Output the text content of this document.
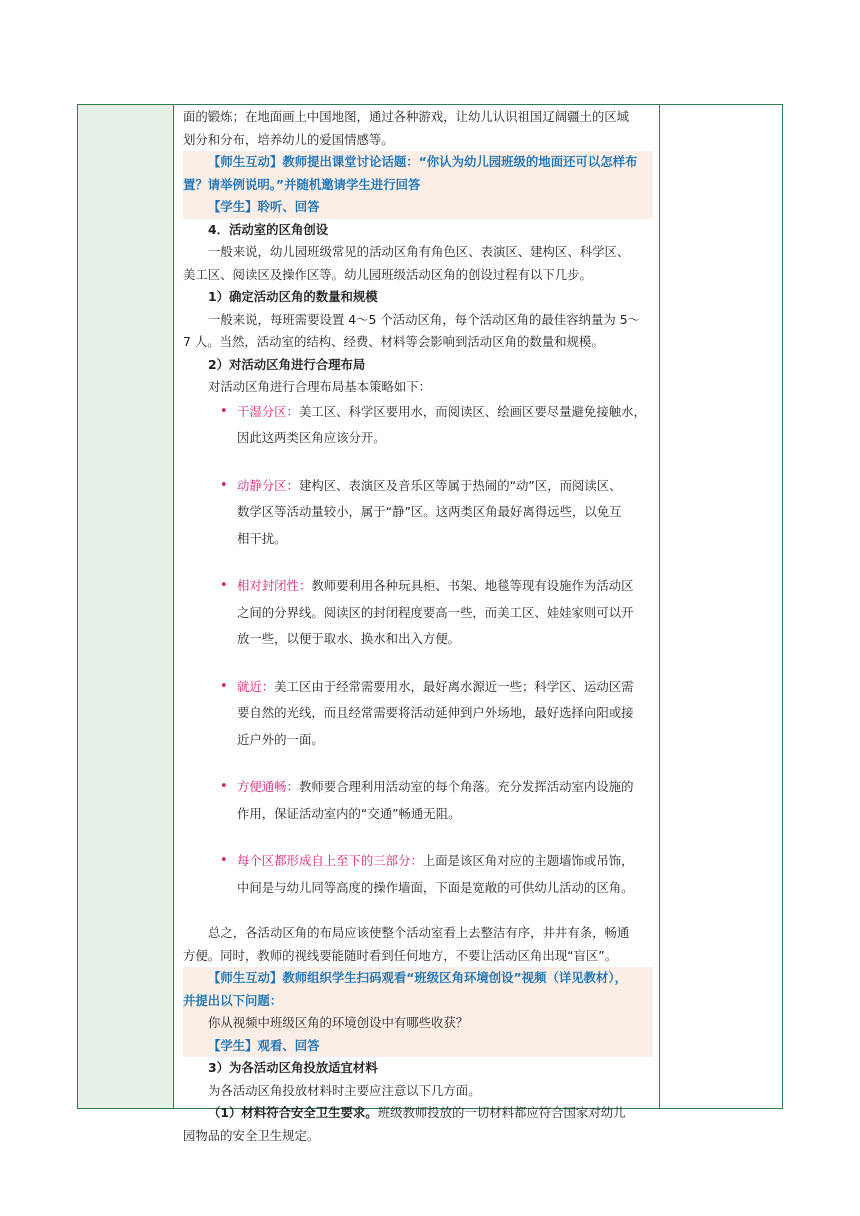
面的锻炼；在地面画上中国地图，通过各种游戏，让幼儿认识祖国辽阔疆土的区域
划分和分布，培养幼儿的爱国情感等。
【师生互动】教师提出课堂讨论话题：“你认为幼儿园班级的地面还可以怎样布
置？请举例说明。”并随机邀请学生进行回答
【学生】聆听、回答
4．活动室的区角创设
一般来说，幼儿园班级常见的活动区角有角色区、表演区、建构区、科学区、
美工区、阅读区及操作区等。幼儿园班级活动区角的创设过程有以下几步。
1）确定活动区角的数量和规模
一般来说，每班需要设置 4～5 个活动区角，每个活动区角的最佳容纳量为 5～
7 人。当然，活动室的结构、经费、材料等会影响到活动区角的数量和规模。
2）对活动区角进行合理布局
对活动区角进行合理布局基本策略如下：
• 干湿分区：美工区、科学区要用水，而阅读区、绘画区要尽量避免接触水，
因此这两类区角应该分开。
• 动静分区：建构区、表演区及音乐区等属于热闹的“动”区，而阅读区、
数学区等活动量较小，属于“静”区。这两类区角最好离得远些，以免互
相干扰。
• 相对封闭性：教师要利用各种玩具柜、书架、地毯等现有设施作为活动区
之间的分界线。阅读区的封闭程度要高一些，而美工区、娃娃家则可以开
放一些，以便于取水、换水和出入方便。
• 就近：美工区由于经常需要用水，最好离水源近一些；科学区、运动区需
要自然的光线，而且经常需要将活动延伸到户外场地，最好选择向阳或接
近户外的一面。
• 方便通畅：教师要合理利用活动室的每个角落。充分发挥活动室内设施的
作用，保证活动室内的“交通”畅通无阻。
• 每个区都形成自上至下的三部分：上面是该区角对应的主题墙饰或吊饰，
中间是与幼儿同等高度的操作墙面，下面是宽敞的可供幼儿活动的区角。
总之，各活动区角的布局应该使整个活动室看上去整洁有序，井井有条，畅通
方便。同时，教师的视线要能随时看到任何地方，不要让活动区角出现“盲区”。
【师生互动】教师组织学生扫码观看“班级区角环境创设”视频（详见教材），
并提出以下问题：
你从视频中班级区角的环境创设中有哪些收获？
【学生】观看、回答
3）为各活动区角投放适宜材料
为各活动区角投放材料时主要应注意以下几方面。
（1）材料符合安全卫生要求。班级教师投放的一切材料都应符合国家对幼儿
园物品的安全卫生规定。
